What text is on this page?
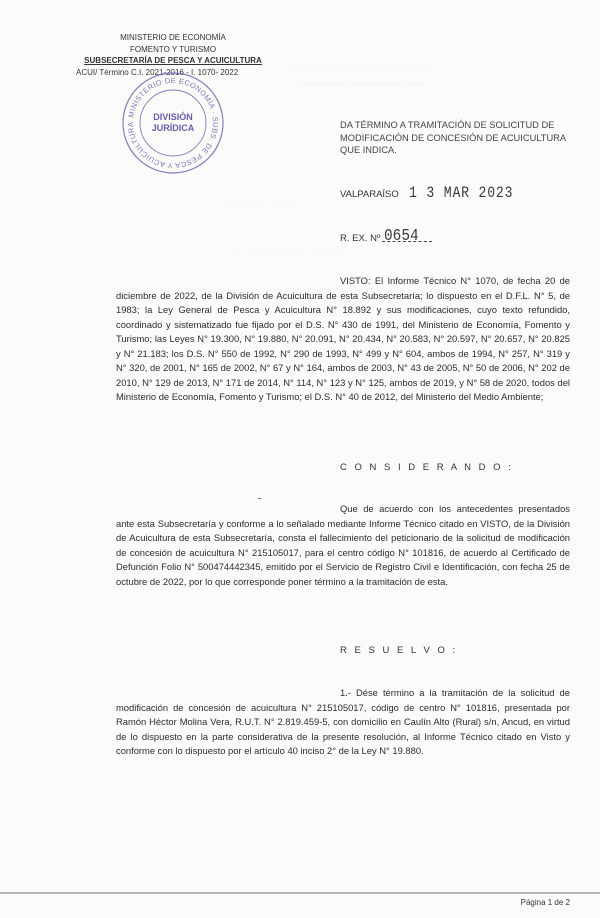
MINISTERIO DE ECONOMÍA
FOMENTO Y TURISMO
SUBSECRETARÍA DE PESCA Y ACUICULTURA
ACUI/ Término C.I. 2021-2016 - I. 1070- 2022
MINISTERIO DE ECONOMÍA · SUBS. DE PESCA Y ACUICULTURA
DIVISIÓN
JURÍDICA
· · · · · · · · · · · · · · · · · · · · · · · · · · · · · · · · ·
· · · · · · · · · · · · · · · · · · · · · · · · · · · · ·
· · · · · · · · · · · · · · · · · · ·
· · · · · · · · · · · · · · · · · · · · · · · · · · · ·
DA TÉRMINO A TRAMITACIÓN DE SOLICITUD DE MODIFICACIÓN DE CONCESIÓN DE ACUICULTURA QUE INDICA.
VALPARAÍSO 1 3 MAR 2023
R. EX. Nº 0654
VISTO: El Informe Técnico N° 1070, de fecha 20 de diciembre de 2022, de la División de Acuicultura de esta Subsecretaría; lo dispuesto en el D.F.L. N° 5, de 1983; la Ley General de Pesca y Acuicultura N° 18.892 y sus modificaciones, cuyo texto refundido, coordinado y sistematizado fue fijado por el D.S. N° 430 de 1991, del Ministerio de Economía, Fomento y Turismo; las Leyes N° 19.300, N° 19.880, N° 20.091, N° 20.434, N° 20.583, N° 20.597, N° 20.657, N° 20.825 y N° 21.183; los D.S. N° 550 de 1992, N° 290 de 1993, N° 499 y N° 604, ambos de 1994, N° 257, N° 319 y N° 320, de 2001, N° 165 de 2002, N° 67 y N° 164, ambos de 2003, N° 43 de 2005, N° 50 de 2006, N° 202 de 2010, N° 129 de 2013, N° 171 de 2014, N° 114, N° 123 y N° 125, ambos de 2019, y N° 58 de 2020, todos del Ministerio de Economía, Fomento y Turismo; el D.S. N° 40 de 2012, del Ministerio del Medio Ambiente;
C O N S I D E R A N D O :
Que de acuerdo con los antecedentes presentados ante esta Subsecretaría y conforme a lo señalado mediante Informe Técnico citado en VISTO, de la División de Acuicultura de esta Subsecretaría, consta el fallecimiento del peticionario de la solicitud de modificación de concesión de acuicultura N° 215105017, para el centro código N° 101816, de acuerdo al Certificado de Defunción Folio N° 500474442345, emitido por el Servicio de Registro Civil e Identificación, con fecha 25 de octubre de 2022, por lo que corresponde poner término a la tramitación de esta.
R E S U E L V O :
1.- Dése término a la tramitación de la solicitud de modificación de concesión de acuicultura N° 215105017, código de centro N° 101816, presentada por Ramón Héctor Molina Vera, R.U.T. N° 2.819.459-5, con domicilio en Caulín Alto (Rural) s/n, Ancud, en virtud de lo dispuesto en la parte considerativa de la presente resolución, al Informe Técnico citado en Visto y conforme con lo dispuesto por el artículo 40 inciso 2° de la Ley N° 19.880.
Página 1 de 2
